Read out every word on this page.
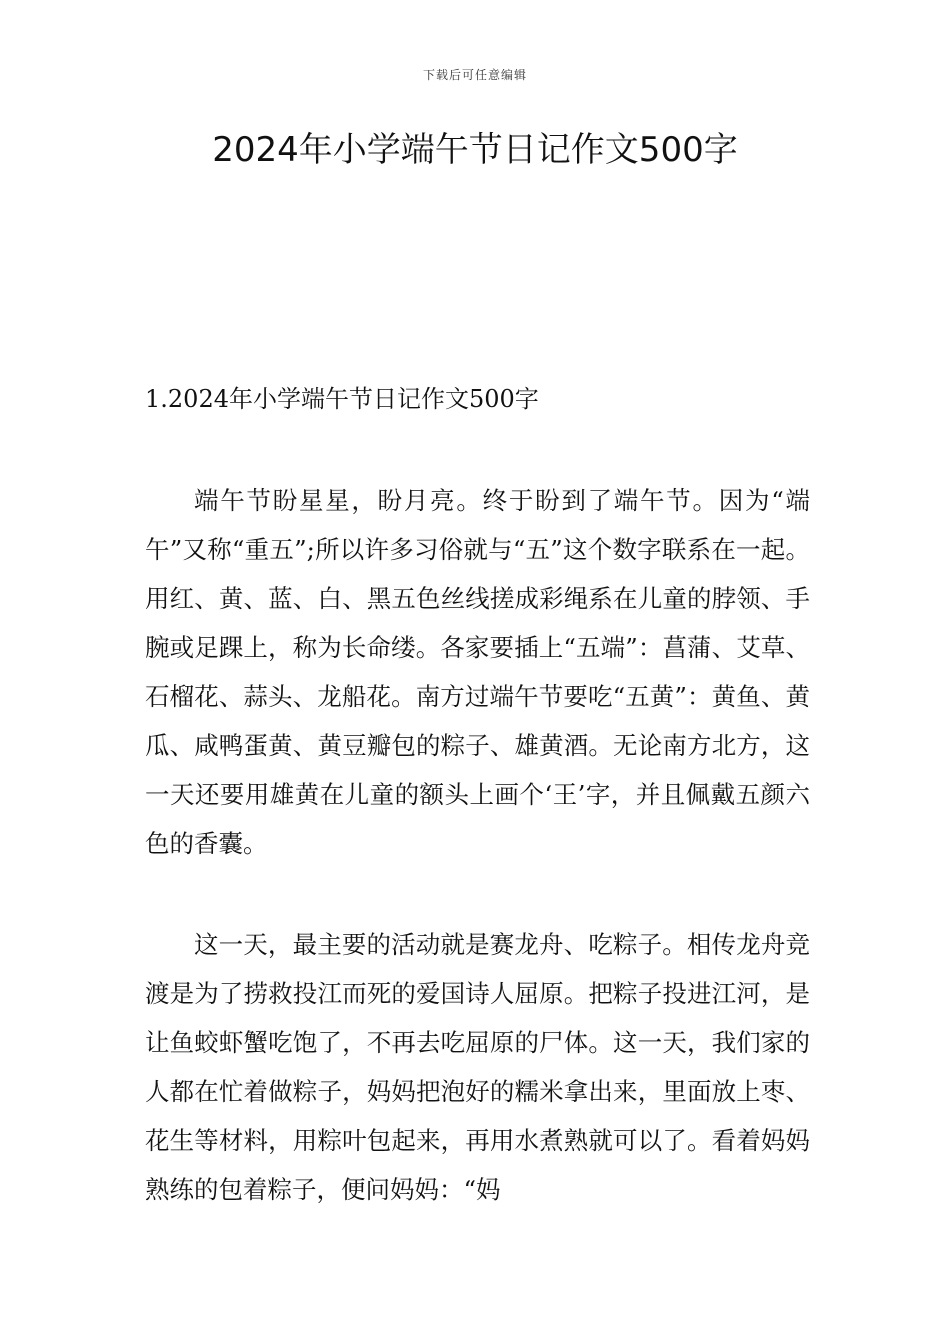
下载后可任意编辑
2024年小学端午节日记作文500字
1.2024年小学端午节日记作文500字

端午节盼星星，盼月亮。终于盼到了端午节。因为“端午”又称“重五”;所以许多习俗就与“五”这个数字联系在一起。用红、黄、蓝、白、黑五色丝线搓成彩绳系在儿童的脖领、手腕或足踝上，称为长命缕。各家要插上“五端”：菖蒲、艾草、石榴花、蒜头、龙船花。南方过端午节要吃“五黄”：黄鱼、黄瓜、咸鸭蛋黄、黄豆瓣包的粽子、雄黄酒。无论南方北方，这一天还要用雄黄在儿童的额头上画个‘王’字，并且佩戴五颜六色的香囊。

这一天，最主要的活动就是赛龙舟、吃粽子。相传龙舟竞渡是为了捞救投江而死的爱国诗人屈原。把粽子投进江河，是让鱼蛟虾蟹吃饱了，不再去吃屈原的尸体。这一天，我们家的人都在忙着做粽子，妈妈把泡好的糯米拿出来，里面放上枣、花生等材料，用粽叶包起来，再用水煮熟就可以了。看着妈妈熟练的包着粽子，便问妈妈：“妈
